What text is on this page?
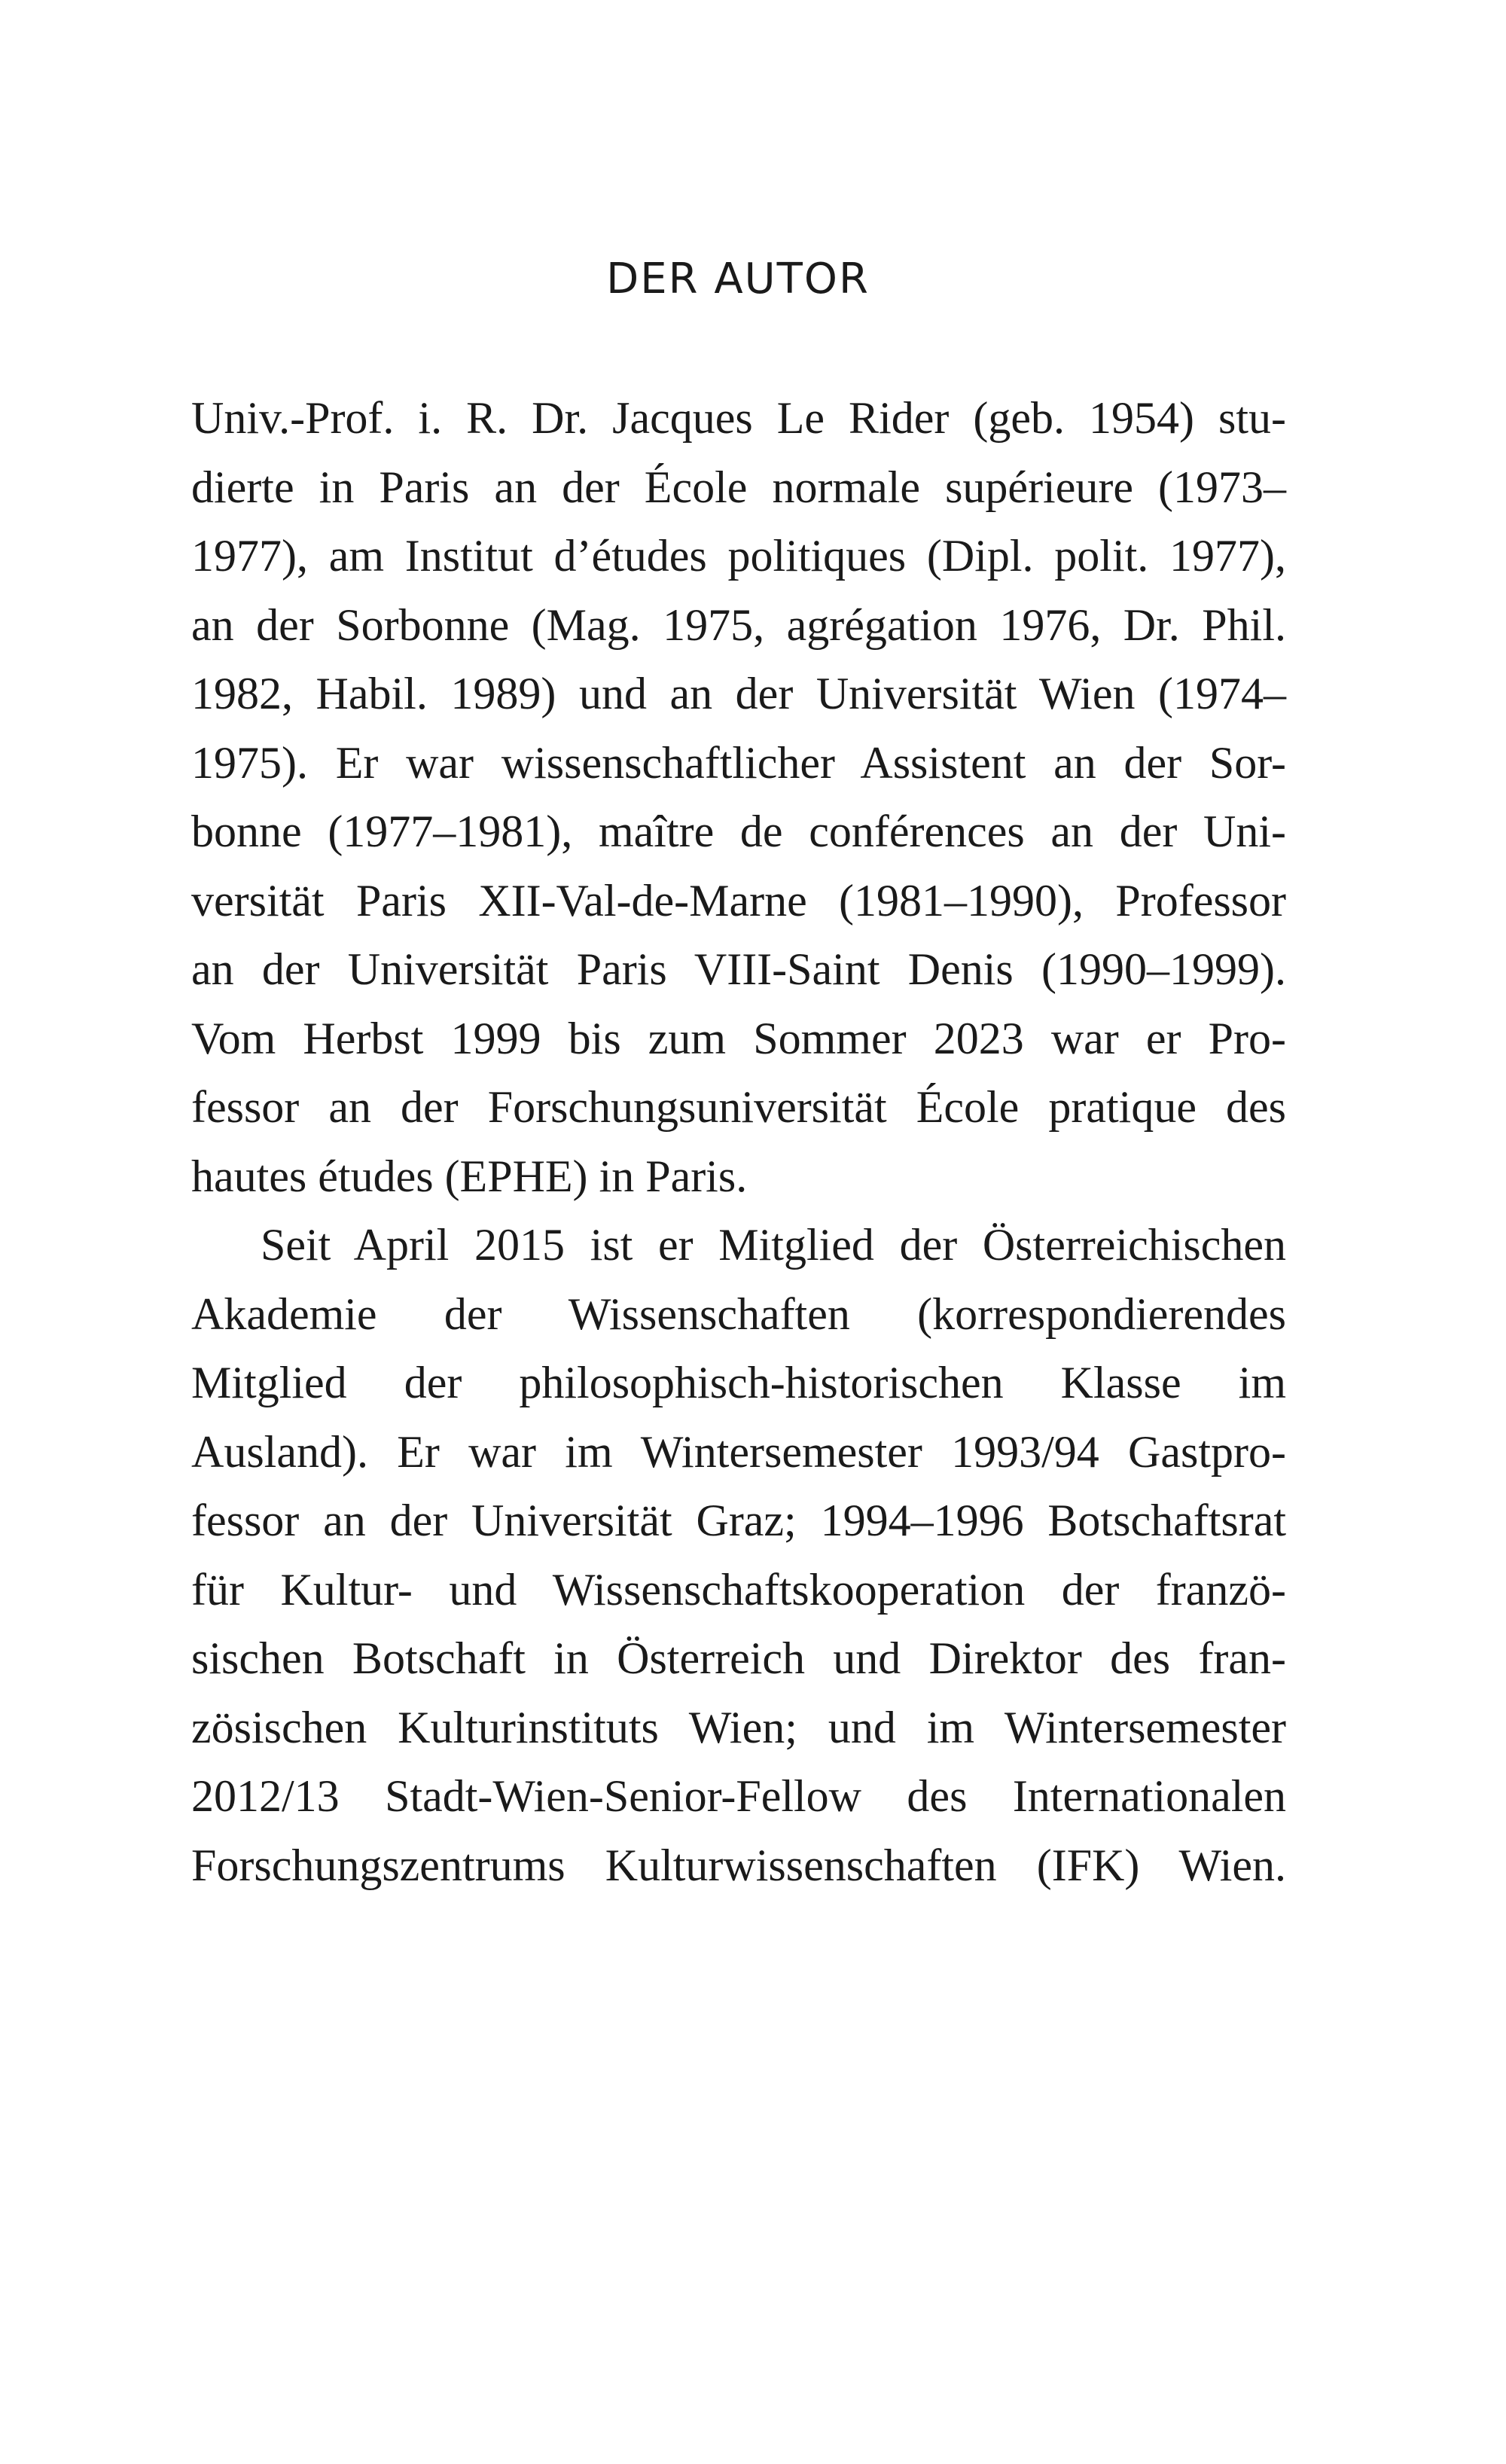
DER AUTOR
Univ.-Prof. i. R. Dr. Jacques Le Rider (geb. 1954) stu-
dierte in Paris an der École normale supérieure (1973–
1977), am Institut d’études politiques (Dipl. polit. 1977),
an der Sorbonne (Mag. 1975, agrégation 1976, Dr. Phil.
1982, Habil. 1989) und an der Universität Wien (1974–
1975). Er war wissenschaftlicher Assistent an der Sor-
bonne (1977–1981), maître de conférences an der Uni-
versität Paris XII-Val-de-Marne (1981–1990), Professor
an der Universität Paris VIII-Saint Denis (1990–1999).
Vom Herbst 1999 bis zum Sommer 2023 war er Pro-
fessor an der Forschungsuniversität École pratique des
hautes études (EPHE) in Paris.
Seit April 2015 ist er Mitglied der Österreichischen
Akademie der Wissenschaften (korrespondierendes
Mitglied der philosophisch-historischen Klasse im
Ausland). Er war im Wintersemester 1993/94 Gastpro-
fessor an der Universität Graz; 1994–1996 Botschaftsrat
für Kultur- und Wissenschaftskooperation der franzö-
sischen Botschaft in Österreich und Direktor des fran-
zösischen Kulturinstituts Wien; und im Wintersemester
2012/13 Stadt-Wien-Senior-Fellow des Internationalen
Forschungszentrums Kulturwissenschaften (IFK) Wien.
